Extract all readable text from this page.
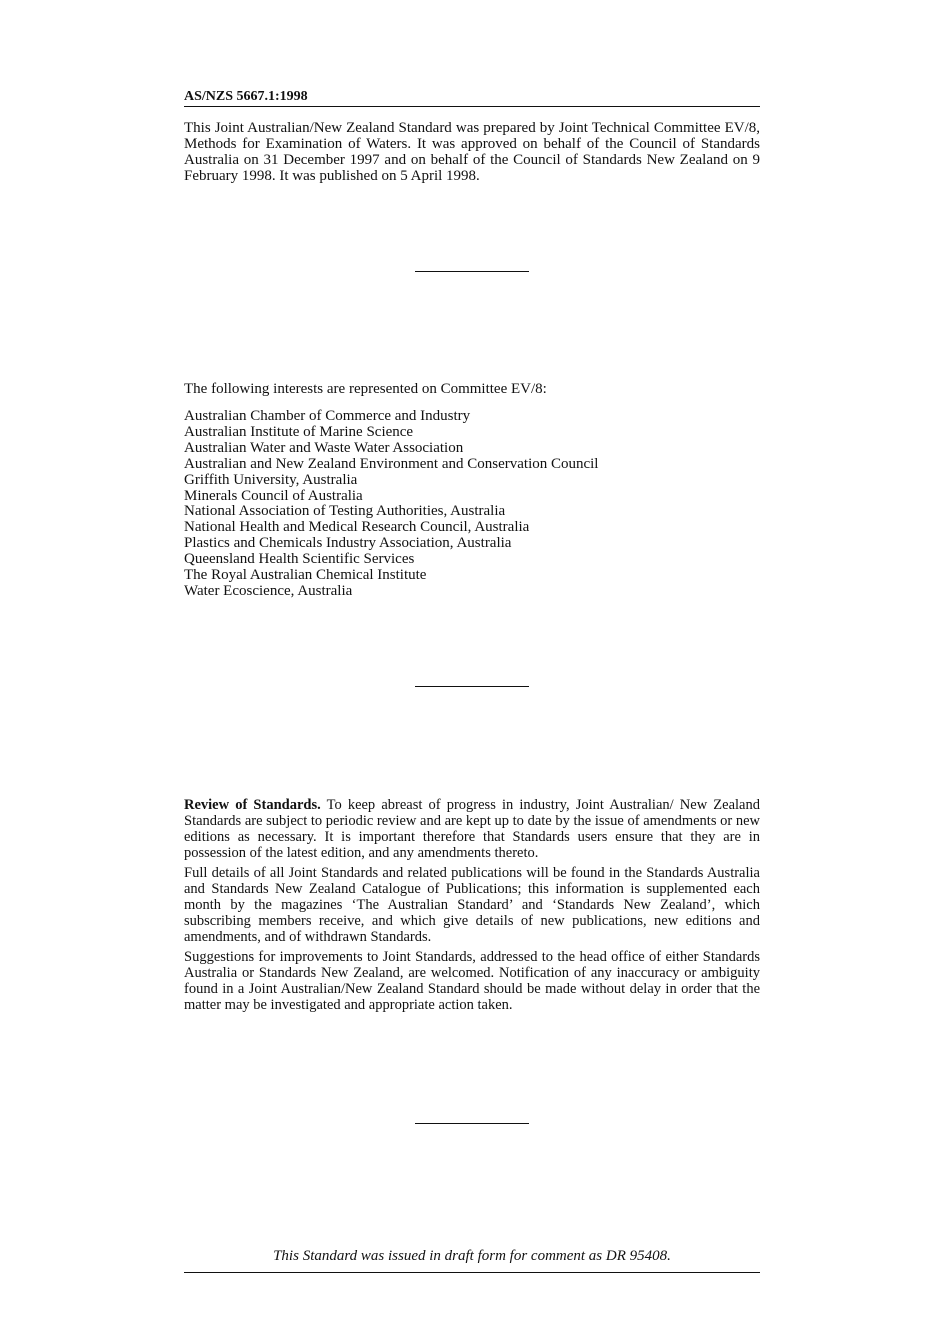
AS/NZS 5667.1:1998

This Joint Australian/New Zealand Standard was prepared by Joint Technical Committee EV/8, Methods for Examination of Waters. It was approved on behalf of the Council of Standards Australia on 31 December 1997 and on behalf of the Council of Standards New Zealand on 9 February 1998. It was published on 5 April 1998.

The following interests are represented on Committee EV/8:

Australian Chamber of Commerce and Industry
Australian Institute of Marine Science
Australian Water and Waste Water Association
Australian and New Zealand Environment and Conservation Council
Griffith University, Australia
Minerals Council of Australia
National Association of Testing Authorities, Australia
National Health and Medical Research Council, Australia
Plastics and Chemicals Industry Association, Australia
Queensland Health Scientific Services
The Royal Australian Chemical Institute
Water Ecoscience, Australia

Review of Standards. To keep abreast of progress in industry, Joint Australian/ New Zealand Standards are subject to periodic review and are kept up to date by the issue of amendments or new editions as necessary. It is important therefore that Standards users ensure that they are in possession of the latest edition, and any amendments thereto.

Full details of all Joint Standards and related publications will be found in the Standards Australia and Standards New Zealand Catalogue of Publications; this information is supplemented each month by the magazines ‘The Australian Standard’ and ‘Standards New Zealand’, which subscribing members receive, and which give details of new publications, new editions and amendments, and of withdrawn Standards.

Suggestions for improvements to Joint Standards, addressed to the head office of either Standards Australia or Standards New Zealand, are welcomed. Notification of any inaccuracy or ambiguity found in a Joint Australian/New Zealand Standard should be made without delay in order that the matter may be investigated and appropriate action taken.

This Standard was issued in draft form for comment as DR 95408.
